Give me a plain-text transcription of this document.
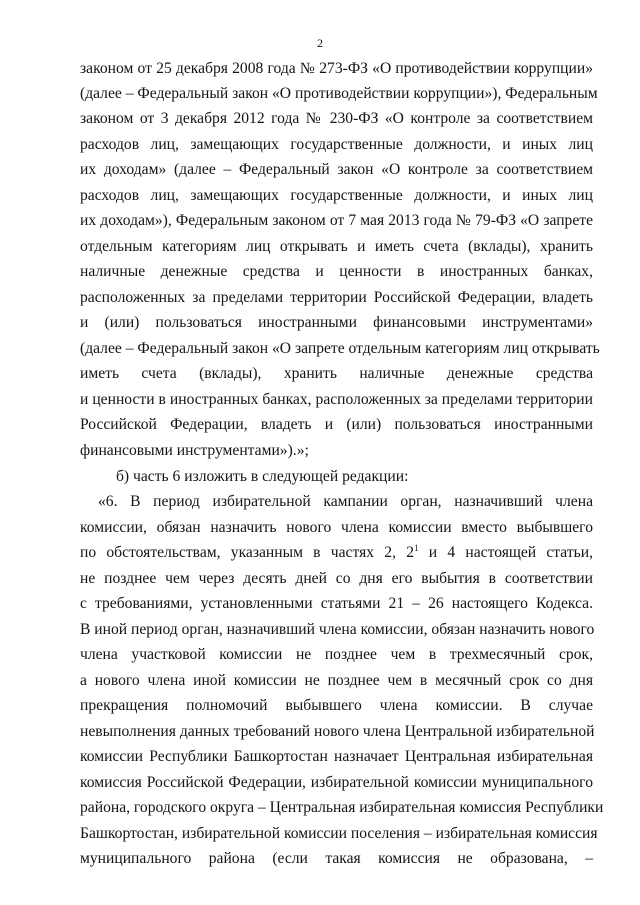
2
законом от 25 декабря 2008 года № 273-ФЗ «О противодействии коррупции»
(далее – Федеральный закон «О противодействии коррупции»), Федеральным
законом от 3 декабря 2012 года № 230-ФЗ «О контроле за соответствием
расходов лиц, замещающих государственные должности, и иных лиц
их доходам» (далее – Федеральный закон «О контроле за соответствием
расходов лиц, замещающих государственные должности, и иных лиц
их доходам»), Федеральным законом от 7 мая 2013 года № 79-ФЗ «О запрете
отдельным категориям лиц открывать и иметь счета (вклады), хранить
наличные денежные средства и ценности в иностранных банках,
расположенных за пределами территории Российской Федерации, владеть
и (или) пользоваться иностранными финансовыми инструментами»
(далее – Федеральный закон «О запрете отдельным категориям лиц открывать
иметь счета (вклады), хранить наличные денежные средства
и ценности в иностранных банках, расположенных за пределами территории
Российской Федерации, владеть и (или) пользоваться иностранными
финансовыми инструментами»).»;
б) часть 6 изложить в следующей редакции:
«6. В период избирательной кампании орган, назначивший члена
комиссии, обязан назначить нового члена комиссии вместо выбывшего
по обстоятельствам, указанным в частях 2, $2^1$ и 4 настоящей статьи,
не позднее чем через десять дней со дня его выбытия в соответствии
с требованиями, установленными статьями 21 – 26 настоящего Кодекса.
В иной период орган, назначивший члена комиссии, обязан назначить нового
члена участковой комиссии не позднее чем в трехмесячный срок,
а нового члена иной комиссии не позднее чем в месячный срок со дня
прекращения полномочий выбывшего члена комиссии. В случае
невыполнения данных требований нового члена Центральной избирательной
комиссии Республики Башкортостан назначает Центральная избирательная
комиссия Российской Федерации, избирательной комиссии муниципального
района, городского округа – Центральная избирательная комиссия Республики
Башкортостан, избирательной комиссии поселения – избирательная комиссия
муниципального района (если такая комиссия не образована, –
